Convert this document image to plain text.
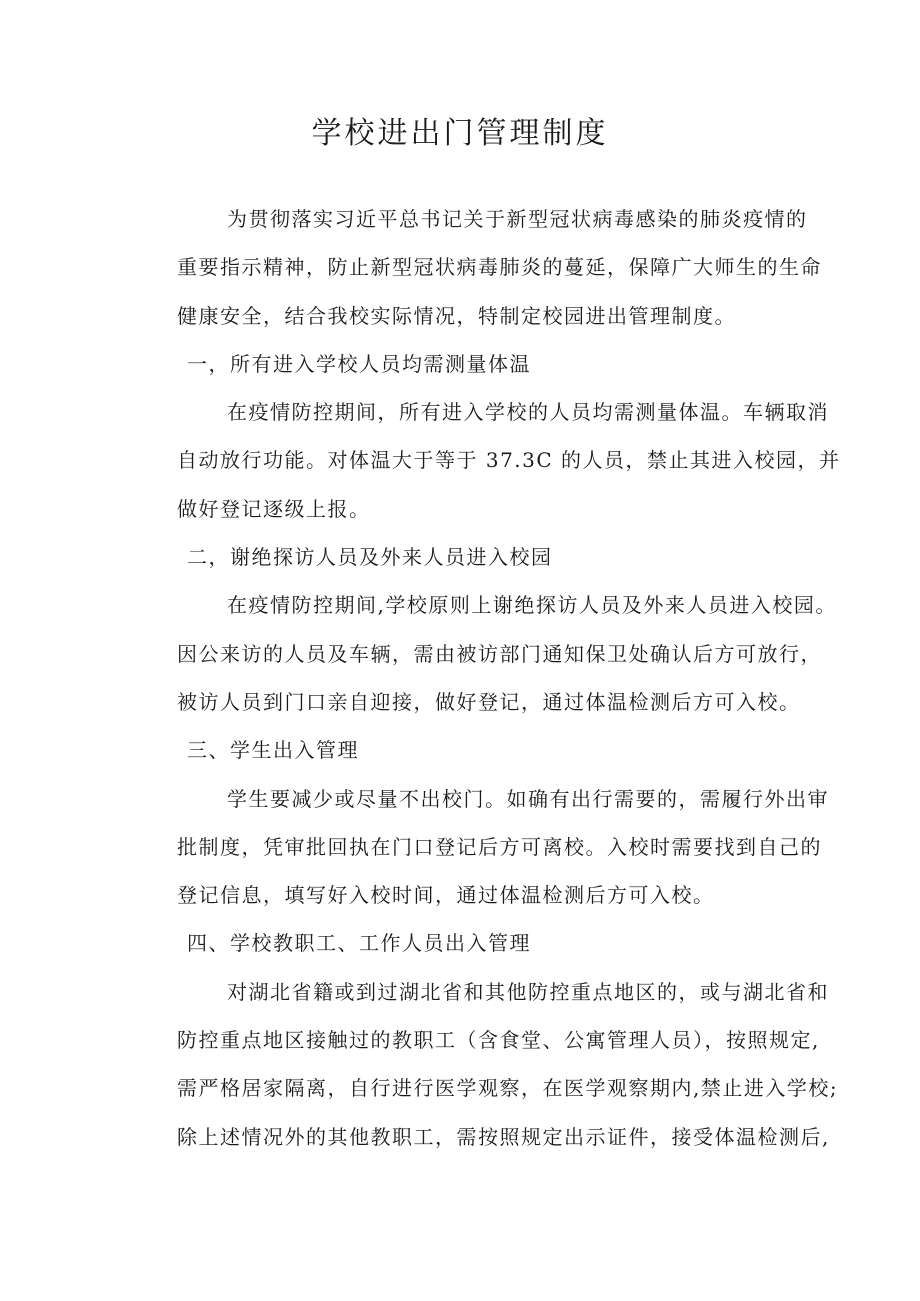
学校进出门管理制度
为贯彻落实习近平总书记关于新型冠状病毒感染的肺炎疫情的
重要指示精神，防止新型冠状病毒肺炎的蔓延，保障广大师生的生命
健康安全，结合我校实际情况，特制定校园进出管理制度。
一，所有进入学校人员均需测量体温
在疫情防控期间，所有进入学校的人员均需测量体温。车辆取消
自动放行功能。对体温大于等于 37.3C 的人员，禁止其进入校园，并
做好登记逐级上报。
二，谢绝探访人员及外来人员进入校园
在疫情防控期间,学校原则上谢绝探访人员及外来人员进入校园。
因公来访的人员及车辆，需由被访部门通知保卫处确认后方可放行，
被访人员到门口亲自迎接，做好登记，通过体温检测后方可入校。
三、学生出入管理
学生要减少或尽量不出校门。如确有出行需要的，需履行外出审
批制度，凭审批回执在门口登记后方可离校。入校时需要找到自己的
登记信息，填写好入校时间，通过体温检测后方可入校。
四、学校教职工、工作人员出入管理
对湖北省籍或到过湖北省和其他防控重点地区的，或与湖北省和
防控重点地区接触过的教职工（含食堂、公寓管理人员），按照规定,
需严格居家隔离，自行进行医学观察，在医学观察期内,禁止进入学校;
除上述情况外的其他教职工，需按照规定出示证件，接受体温检测后,
